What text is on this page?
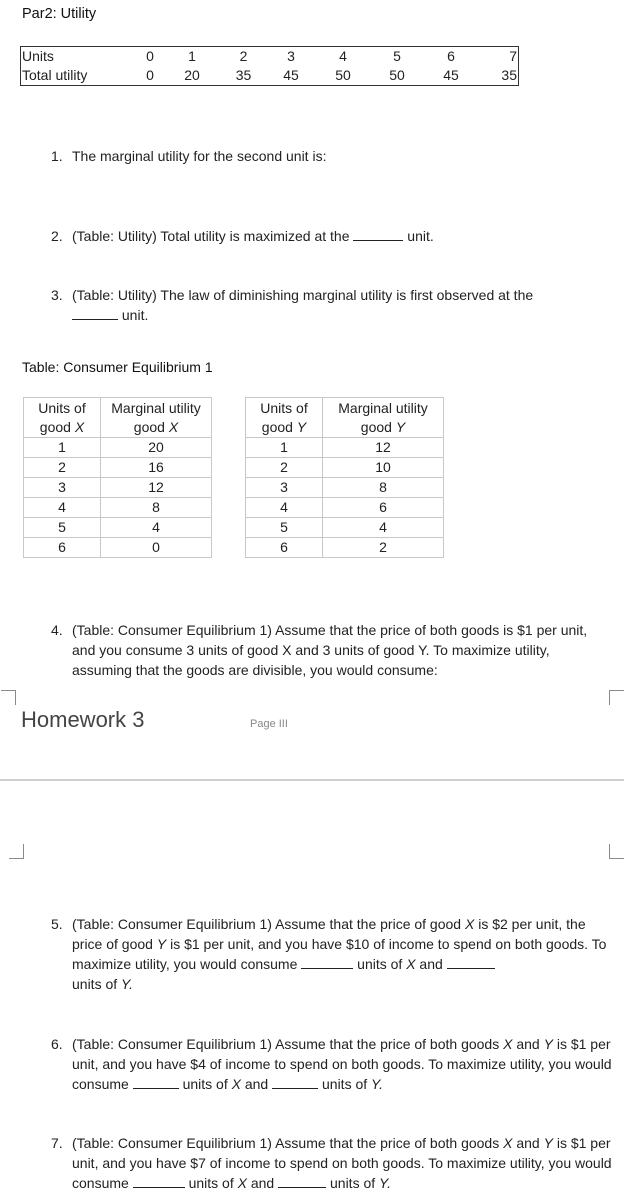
Par2: Utility
Units	0	1	2	3	4	5	6	7
Total utility	0	20	35	45	50	50	45	35
1. The marginal utility for the second unit is:
2. (Table: Utility) Total utility is maximized at the	unit.
3. (Table: Utility) The law of diminishing marginal utility is first observed at the
unit.
Table: Consumer Equilibrium 1
Units of
good X	Marginal utility
good X
1	20
2	16
3	12
4	8
5	4
6	0
Units of
good Y	Marginal utility
good Y
1	12
2	10
3	8
4	6
5	4
6	2
4. (Table: Consumer Equilibrium 1) Assume that the price of both goods is $1 per unit, and you consume 3 units of good X and 3 units of good Y. To maximize utility, assuming that the goods are divisible, you would consume:
Homework 3	Page III
5. (Table: Consumer Equilibrium 1) Assume that the price of good X is $2 per unit, the price of good Y is $1 per unit, and you have $10 of income to spend on both goods. To maximize utility, you would consume	units of X and
units of Y.
6. (Table: Consumer Equilibrium 1) Assume that the price of both goods X and Y is $1 per unit, and you have $4 of income to spend on both goods. To maximize utility, you would consume	units of X and	units of Y.
7. (Table: Consumer Equilibrium 1) Assume that the price of both goods X and Y is $1 per unit, and you have $7 of income to spend on both goods. To maximize utility, you would consume	units of X and	units of Y.
